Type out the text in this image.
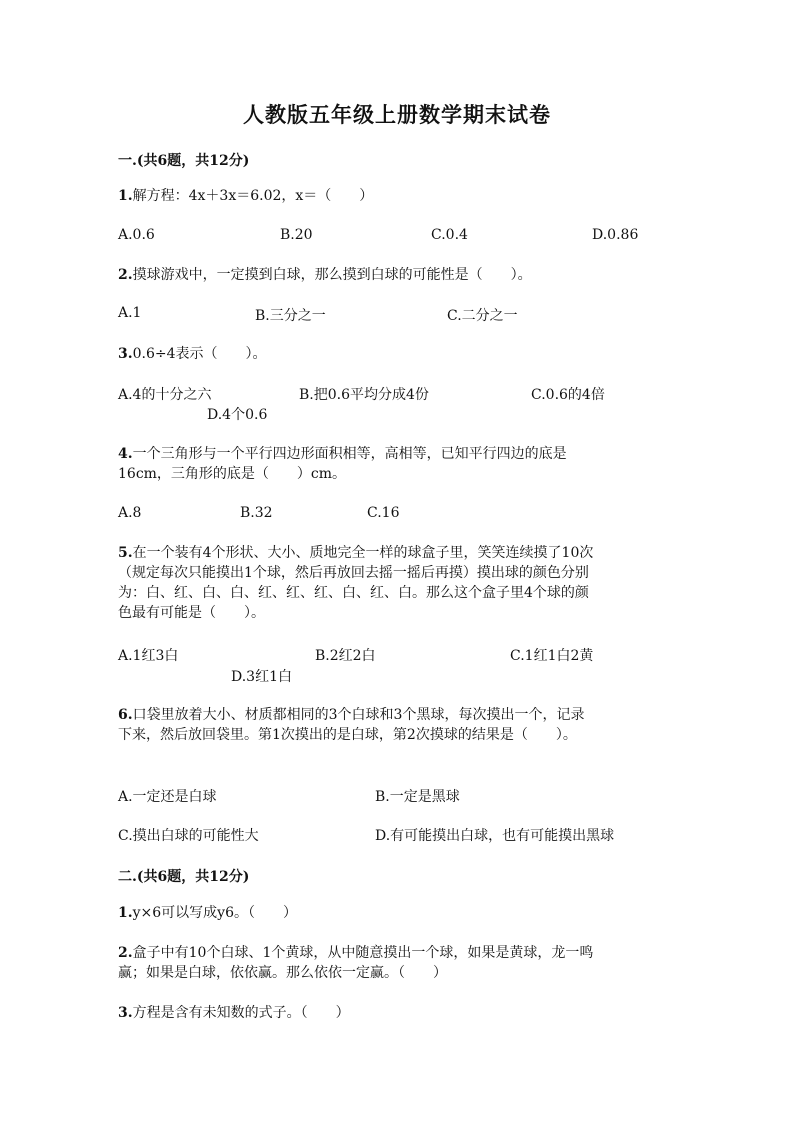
人教版五年级上册数学期末试卷
一.(共6题，共12分)
1.解方程：4x＋3x＝6.02，x＝（　　）
A.0.6	B.20	C.0.4	D.0.86
2.摸球游戏中，一定摸到白球，那么摸到白球的可能性是（　　）。
A.1	B.三分之一	C.二分之一
3.0.6÷4表示（　　）。
A.4的十分之六	B.把0.6平均分成4份	C.0.6的4倍
D.4个0.6
4.一个三角形与一个平行四边形面积相等，高相等，已知平行四边的底是
16cm，三角形的底是（　　）cm。
A.8	B.32	C.16
5.在一个装有4个形状、大小、质地完全一样的球盒子里，笑笑连续摸了10次
（规定每次只能摸出1个球，然后再放回去摇一摇后再摸）摸出球的颜色分别
为：白、红、白、白、红、红、红、白、红、白。那么这个盒子里4个球的颜
色最有可能是（　　）。
A.1红3白	B.2红2白	C.1红1白2黄
D.3红1白
6.口袋里放着大小、材质都相同的3个白球和3个黑球，每次摸出一个，记录
下来，然后放回袋里。第1次摸出的是白球，第2次摸球的结果是（　　）。
A.一定还是白球	B.一定是黑球
C.摸出白球的可能性大	D.有可能摸出白球，也有可能摸出黑球
二.(共6题，共12分)
1.y×6可以写成y6。（　　）
2.盒子中有10个白球、1个黄球，从中随意摸出一个球，如果是黄球，龙一鸣
赢；如果是白球，依依赢。那么依依一定赢。（　　）
3.方程是含有未知数的式子。（　　）
